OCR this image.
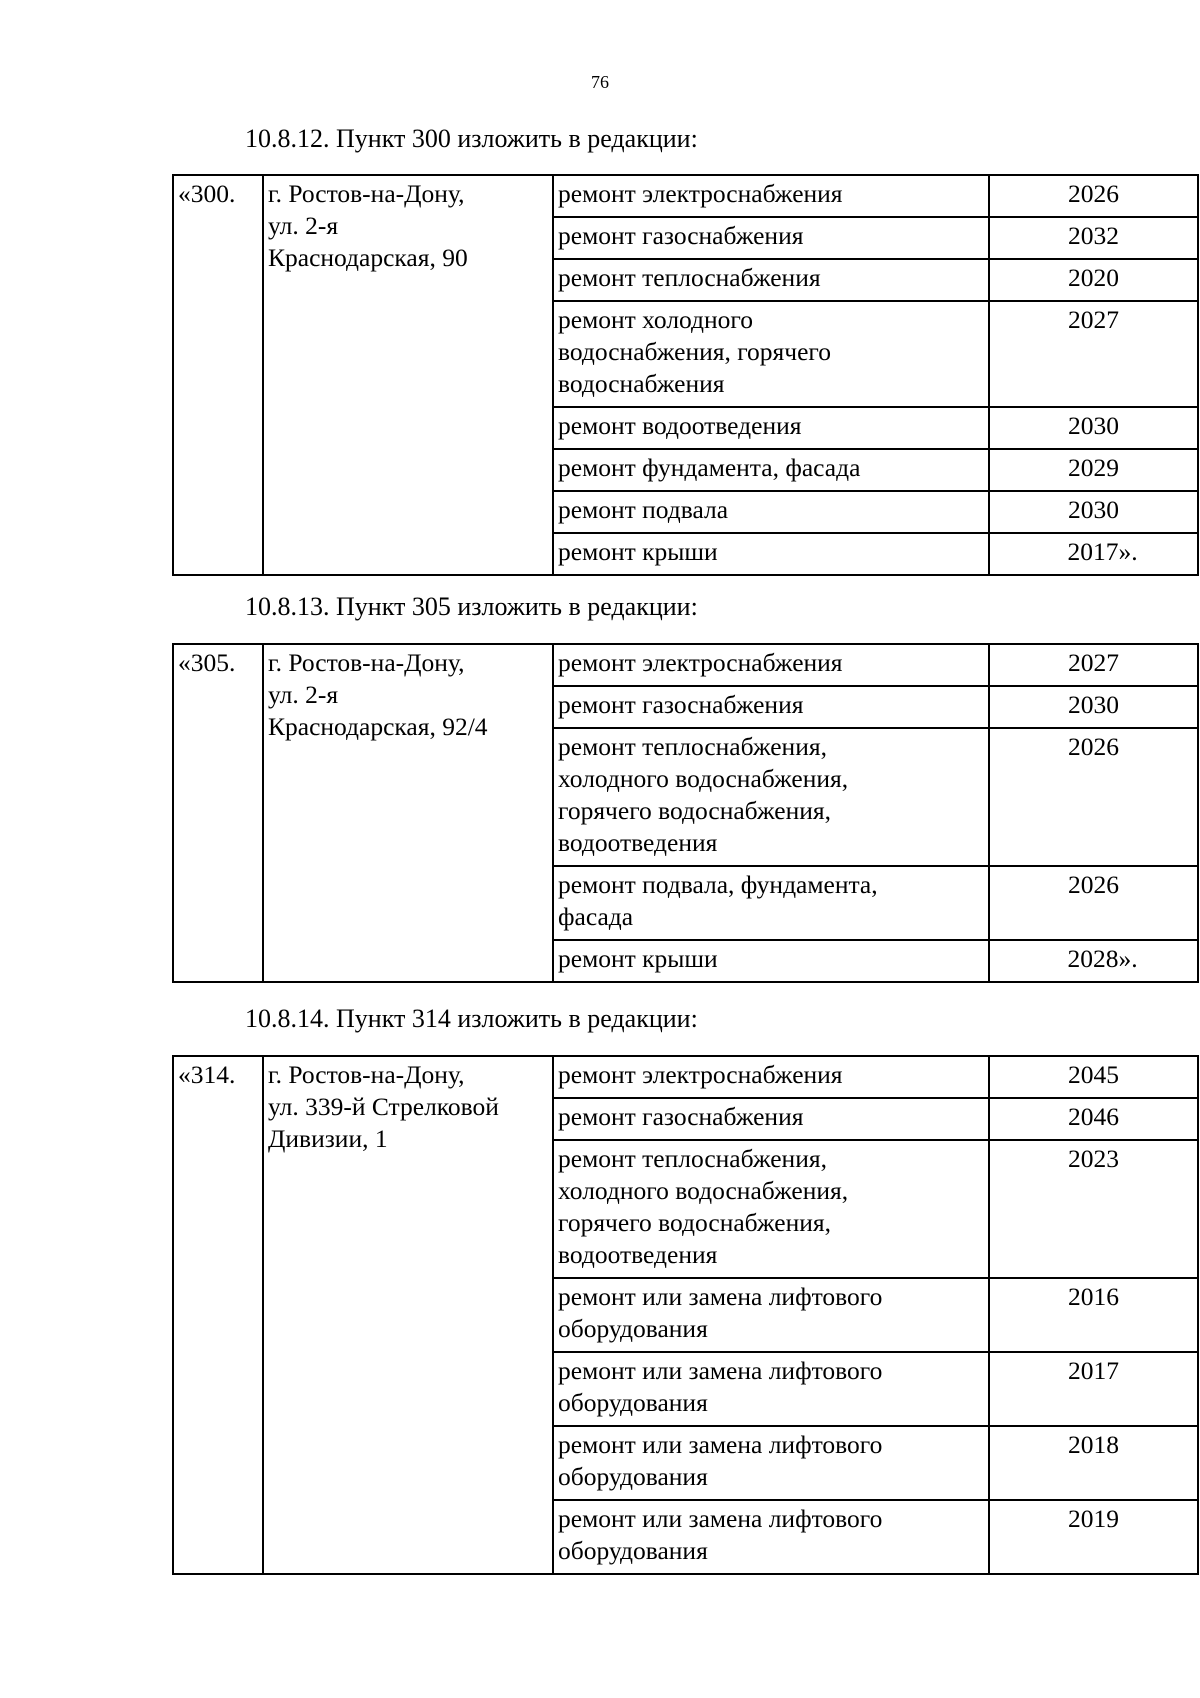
76
10.8.12. Пункт 300 изложить в редакции:
«300.	г. Ростов-на-Дону,
ул. 2-я
Краснодарская, 90	ремонт электроснабжения	2026

		ремонт газоснабжения	2032

		ремонт теплоснабжения	2020

		ремонт холодного
водоснабжения, горячего
водоснабжения	2027

		ремонт водоотведения	2030

		ремонт фундамента, фасада	2029

		ремонт подвала	2030

		ремонт крыши	2017».
10.8.13. Пункт 305 изложить в редакции:
«305.	г. Ростов-на-Дону,
ул. 2-я
Краснодарская, 92/4	ремонт электроснабжения	2027

		ремонт газоснабжения	2030

		ремонт теплоснабжения,
холодного водоснабжения,
горячего водоснабжения,
водоотведения	2026

		ремонт подвала, фундамента,
фасада	2026

		ремонт крыши	2028».
10.8.14. Пункт 314 изложить в редакции:
«314.	г. Ростов-на-Дону,
ул. 339-й Стрелковой
Дивизии, 1	ремонт электроснабжения	2045

		ремонт газоснабжения	2046

		ремонт теплоснабжения,
холодного водоснабжения,
горячего водоснабжения,
водоотведения	2023

		ремонт или замена лифтового
оборудования	2016

		ремонт или замена лифтового
оборудования	2017

		ремонт или замена лифтового
оборудования	2018

		ремонт или замена лифтового
оборудования	2019
